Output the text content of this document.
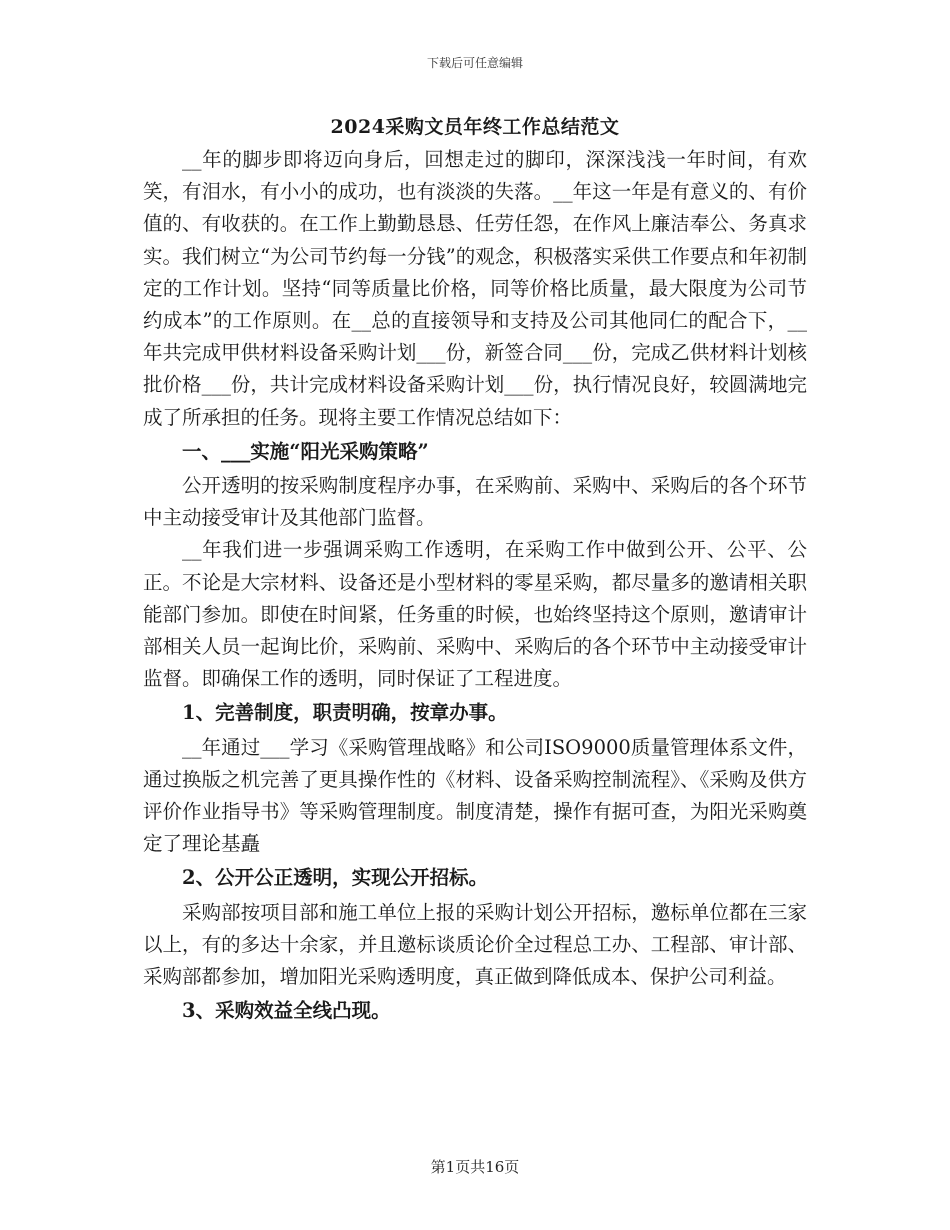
下载后可任意编辑
2024采购文员年终工作总结范文

__年的脚步即将迈向身后，回想走过的脚印，深深浅浅一年时间，有欢笑，有泪水，有小小的成功，也有淡淡的失落。__年这一年是有意义的、有价值的、有收获的。在工作上勤勤恳恳、任劳任怨，在作风上廉洁奉公、务真求实。我们树立“为公司节约每一分钱”的观念，积极落实采供工作要点和年初制定的工作计划。坚持“同等质量比价格，同等价格比质量，最大限度为公司节约成本”的工作原则。在__总的直接领导和支持及公司其他同仁的配合下，__年共完成甲供材料设备采购计划___份，新签合同___份，完成乙供材料计划核批价格___份，共计完成材料设备采购计划___份，执行情况良好，较圆满地完成了所承担的任务。现将主要工作情况总结如下：

一、___实施“阳光采购策略”

公开透明的按采购制度程序办事，在采购前、采购中、采购后的各个环节中主动接受审计及其他部门监督。

__年我们进一步强调采购工作透明，在采购工作中做到公开、公平、公正。不论是大宗材料、设备还是小型材料的零星采购，都尽量多的邀请相关职能部门参加。即使在时间紧，任务重的时候，也始终坚持这个原则，邀请审计部相关人员一起询比价，采购前、采购中、采购后的各个环节中主动接受审计监督。即确保工作的透明，同时保证了工程进度。

1、完善制度，职责明确，按章办事。

__年通过___学习《采购管理战略》和公司ISO9000质量管理体系文件，通过换版之机完善了更具操作性的《材料、设备采购控制流程》、《采购及供方评价作业指导书》等采购管理制度。制度清楚，操作有据可查，为阳光采购奠定了理论基矗

2、公开公正透明，实现公开招标。

采购部按项目部和施工单位上报的采购计划公开招标，邀标单位都在三家以上，有的多达十余家，并且邀标谈质论价全过程总工办、工程部、审计部、采购部都参加，增加阳光采购透明度，真正做到降低成本、保护公司利益。

3、采购效益全线凸现。

第1页共16页
